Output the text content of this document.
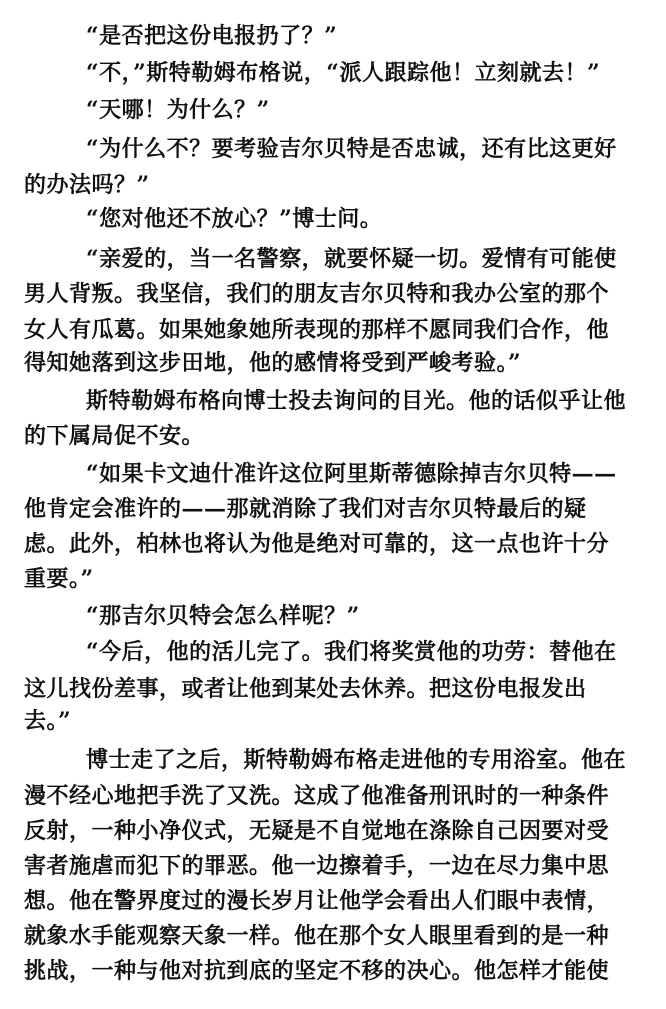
“是否把这份电报扔了？”
“不，”斯特勒姆布格说，“派人跟踪他！立刻就去！”
“天哪！为什么？”
“为什么不？要考验吉尔贝特是否忠诚，还有比这更好
的办法吗？”
“您对他还不放心？”博士问。
“亲爱的，当一名警察，就要怀疑一切。爱情有可能使
男人背叛。我坚信，我们的朋友吉尔贝特和我办公室的那个
女人有瓜葛。如果她象她所表现的那样不愿同我们合作，他
得知她落到这步田地，他的感情将受到严峻考验。”
斯特勒姆布格向博士投去询问的目光。他的话似乎让他
的下属局促不安。
“如果卡文迪什准许这位阿里斯蒂德除掉吉尔贝特——
他肯定会准许的——那就消除了我们对吉尔贝特最后的疑
虑。此外，柏林也将认为他是绝对可靠的，这一点也许十分
重要。”
“那吉尔贝特会怎么样呢？”
“今后，他的活儿完了。我们将奖赏他的功劳：替他在
这儿找份差事，或者让他到某处去休养。把这份电报发出
去。”
博士走了之后，斯特勒姆布格走进他的专用浴室。他在
漫不经心地把手洗了又洗。这成了他准备刑讯时的一种条件
反射，一种小净仪式，无疑是不自觉地在涤除自己因要对受
害者施虐而犯下的罪恶。他一边擦着手，一边在尽力集中思
想。他在警界度过的漫长岁月让他学会看出人们眼中表情，
就象水手能观察天象一样。他在那个女人眼里看到的是一种
挑战，一种与他对抗到底的坚定不移的决心。他怎样才能使
